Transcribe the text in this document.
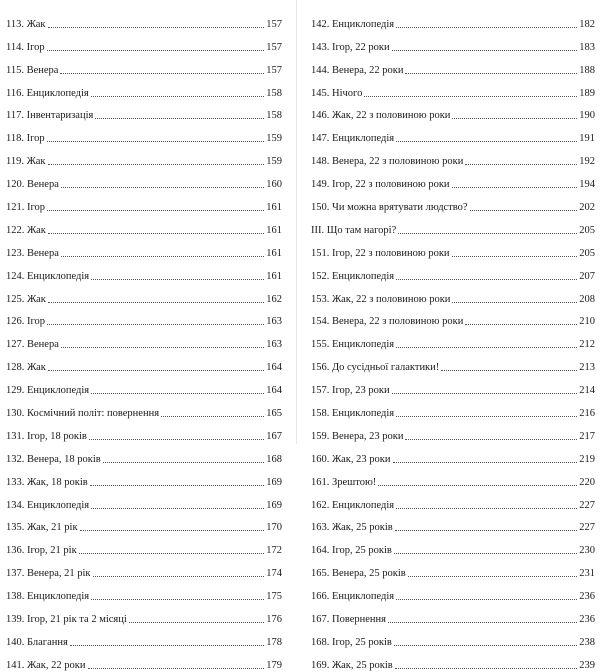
113. Жак	157
114. Ігор	157
115. Венера	157
116. Енциклопедія	158
117. Інвентаризація	158
118. Ігор	159
119. Жак	159
120. Венера	160
121. Ігор	161
122. Жак	161
123. Венера	161
124. Енциклопедія	161
125. Жак	162
126. Ігор	163
127. Венера	163
128. Жак	164
129. Енциклопедія	164
130. Космічний політ: повернення	165
131. Ігор, 18 років	167
132. Венера, 18 років	168
133. Жак, 18 років	169
134. Енциклопедія	169
135. Жак, 21 рік	170
136. Ігор, 21 рік	172
137. Венера, 21 рік	174
138. Енциклопедія	175
139. Ігор, 21 рік та 2 місяці	176
140. Благання	178
141. Жак, 22 роки	179
142. Енциклопедія	182
143. Ігор, 22 роки	183
144. Венера, 22 роки	188
145. Нічого	189
146. Жак, 22 з половиною роки	190
147. Енциклопедія	191
148. Венера, 22 з половиною роки	192
149. Ігор, 22 з половиною роки	194
150. Чи можна врятувати людство?	202
III. Що там нагорі?	205
151. Ігор, 22 з половиною роки	205
152. Енциклопедія	207
153. Жак, 22 з половиною роки	208
154. Венера, 22 з половиною роки	210
155. Енциклопедія	212
156. До сусідньої галактики!	213
157. Ігор, 23 роки	214
158. Енциклопедія	216
159. Венера, 23 роки	217
160. Жак, 23 роки	219
161. Зрештою!	220
162. Енциклопедія	227
163. Жак, 25 років	227
164. Ігор, 25 років	230
165. Венера, 25 років	231
166. Енциклопедія	236
167. Повернення	236
168. Ігор, 25 років	238
169. Жак, 25 років	239
